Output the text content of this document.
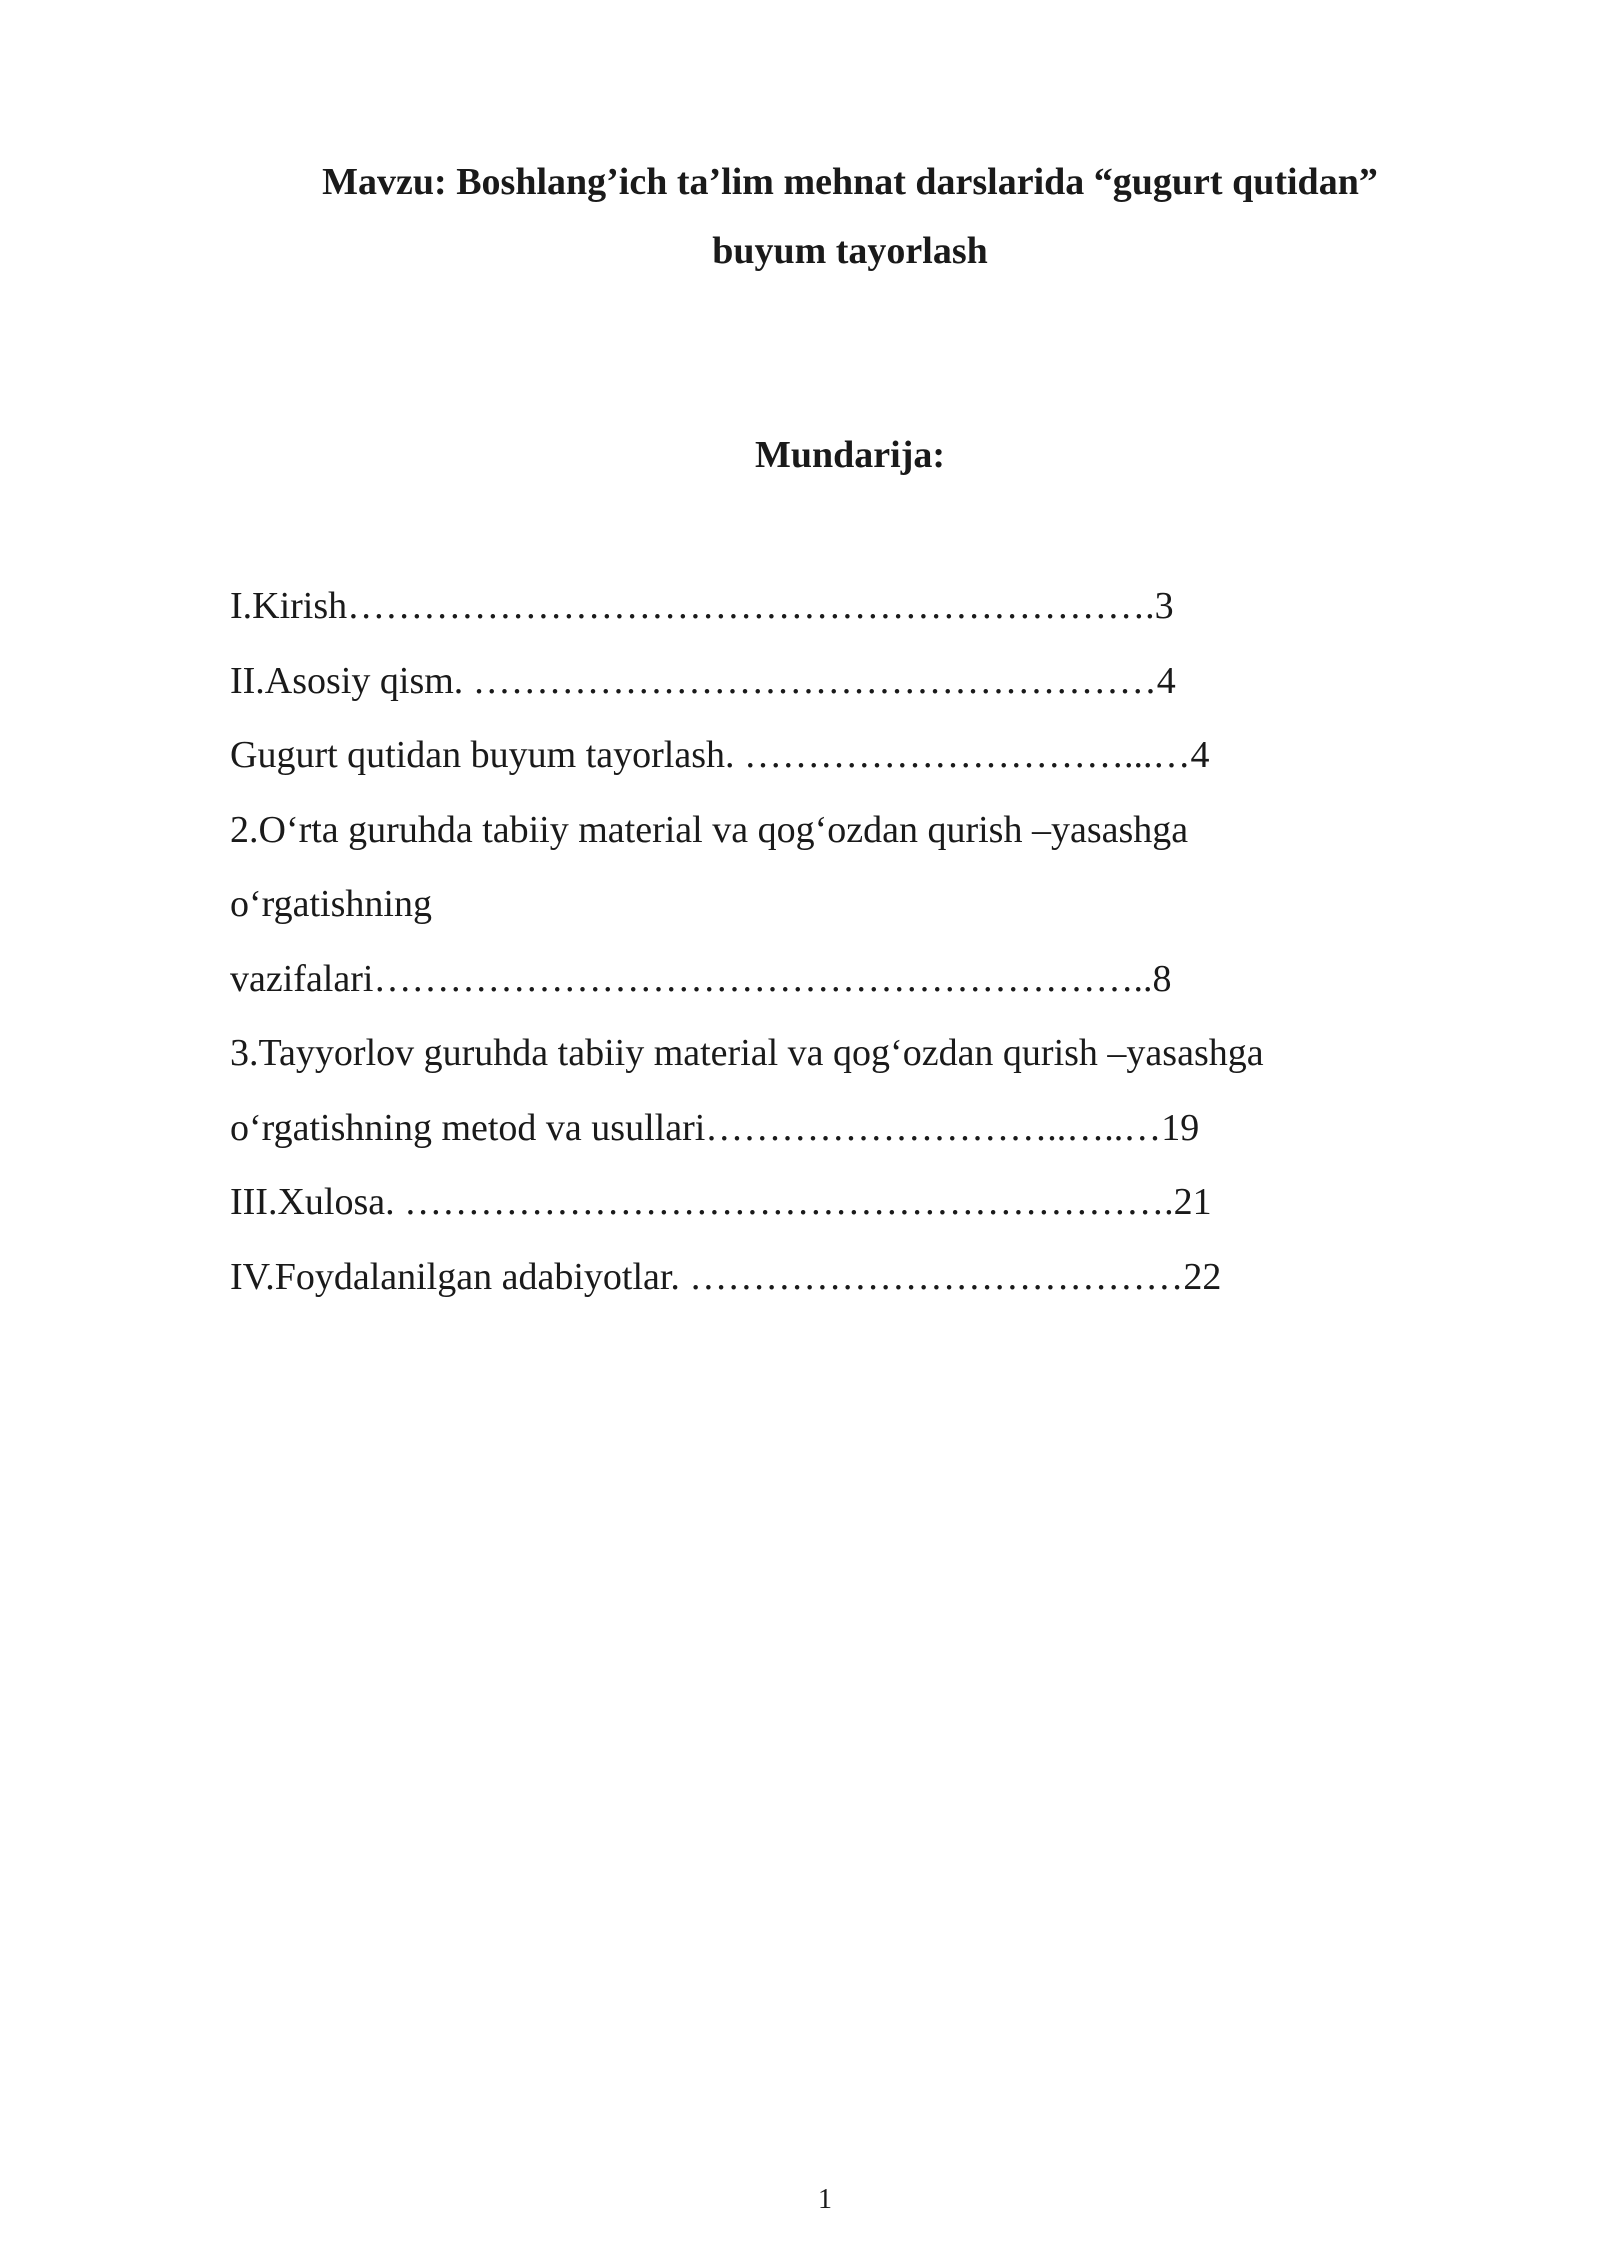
Mavzu: Boshlang’ich ta’lim mehnat darslarida “gugurt qutidan”
buyum tayorlash
Mundarija:
I.Kirish……………………………………………………….3
II.Asosiy qism. ………………………………………………4
Gugurt qutidan buyum tayorlash. …………………………...…4
2.O‘rta guruhda tabiiy material va qog‘ozdan qurish –yasashga
o‘rgatishning
vazifalari……………………………………………………..8
3.Tayyorlov guruhda tabiiy material va qog‘ozdan qurish –yasashga
o‘rgatishning metod va usullari………………………..…..…19
III.Xulosa. …………………………………………………….21
IV.Foydalanilgan adabiyotlar. …………………………………22
1
